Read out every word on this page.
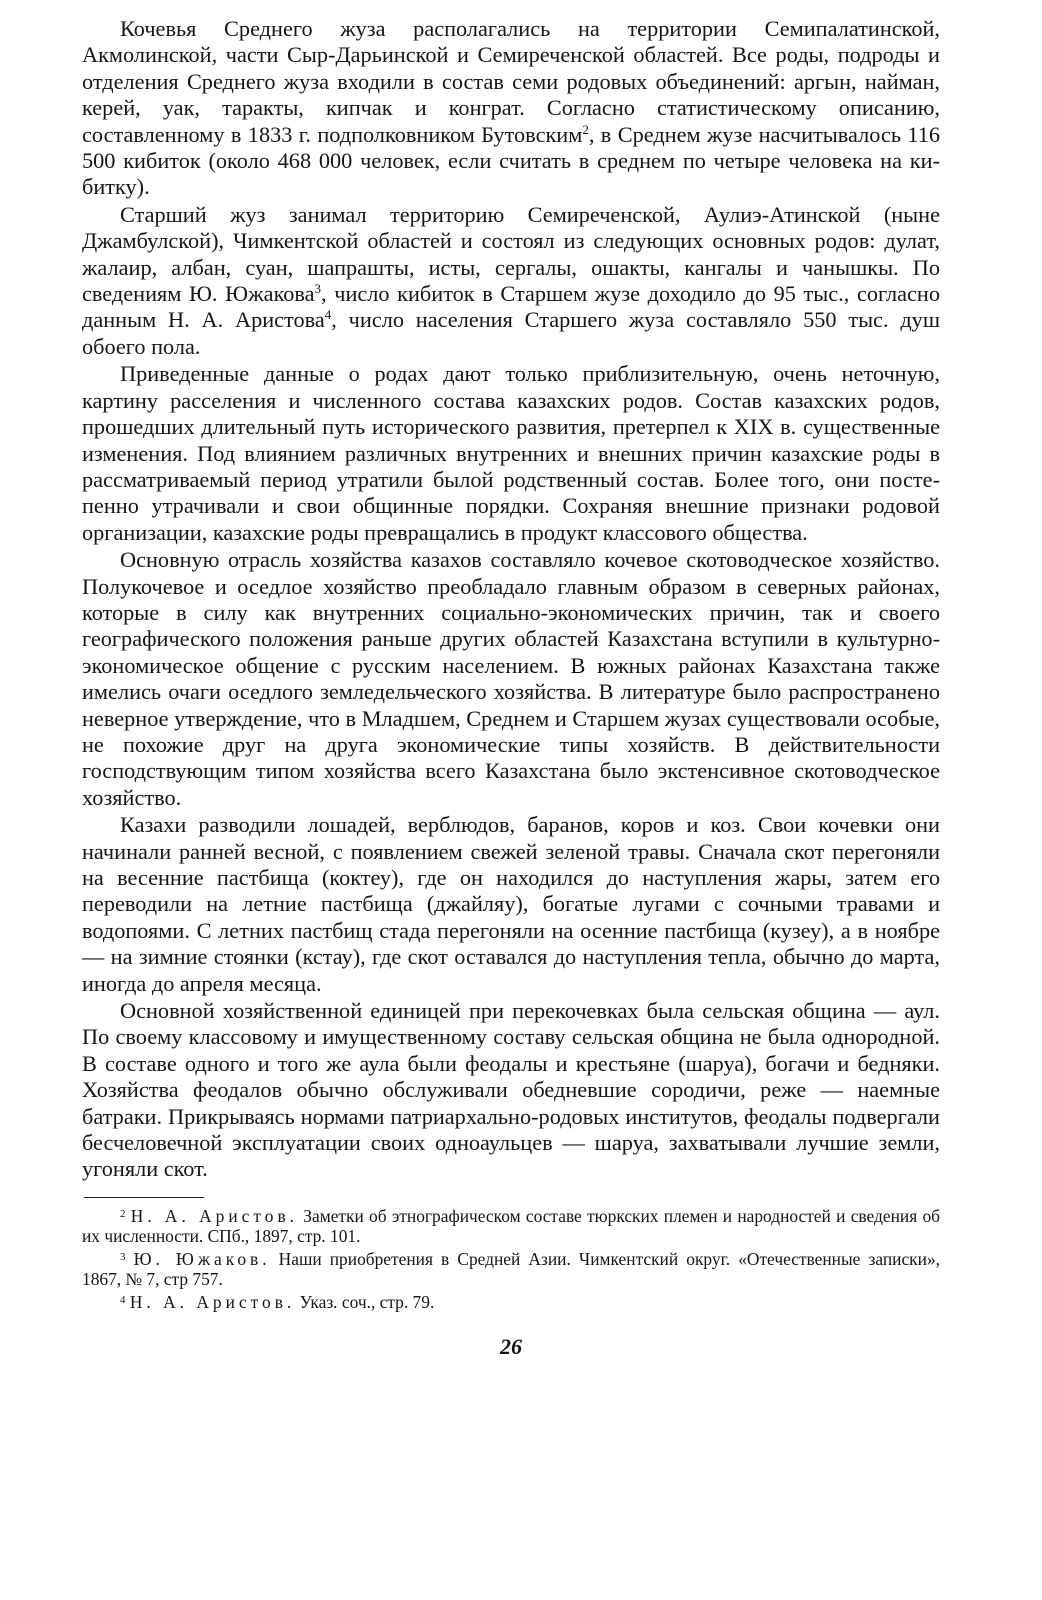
Кочевья Среднего жуза располагались на территории Семипалатинской, Акмолинской, части Сыр-Дарьинской и Семиреченской областей. Все роды, подроды и отделения Среднего жуза входили в состав семи родовых объединений: аргын, найман, керей, уак, таракты, кипчак и конграт. Согласно статистическому описанию, составленному в 1833 г. подполковником Бутовским$^2$, в Среднем жузе насчитывалось 116 500 кибиток (около 468 000 человек, если считать в среднем по четыре человека на кибитку).

Старший жуз занимал территорию Семиреченской, Аулиэ-Атинской (ныне Джамбулской), Чимкентской областей и состоял из следующих основных родов: дулат, жалаир, албан, суан, шапрашты, исты, сергалы, ошакты, кангалы и чанышкы. По сведениям Ю. Южакова$^3$, число кибиток в Старшем жузе доходило до 95 тыс., согласно данным Н. А. Аристова$^4$, число населения Старшего жуза составляло 550 тыс. душ обоего пола.

Приведенные данные о родах дают только приблизительную, очень неточную, картину расселения и численного состава казахских родов. Состав казахских родов, прошедших длительный путь исторического развития, претерпел к XIX в. существенные изменения. Под влиянием различных внутренних и внешних причин казахские роды в рассматриваемый период утратили былой родственный состав. Более того, они постепенно утрачивали и свои общинные порядки. Сохраняя внешние признаки родовой организации, казахские роды превращались в продукт классового общества.

Основную отрасль хозяйства казахов составляло кочевое скотоводческое хозяйство. Полукочевое и оседлое хозяйство преобладало главным образом в северных районах, которые в силу как внутренних социально-экономических причин, так и своего географического положения раньше других областей Казахстана вступили в культурно-экономическое общение с русским населением. В южных районах Казахстана также имелись очаги оседлого земледельческого хозяйства. В литературе было распространено неверное утверждение, что в Младшем, Среднем и Старшем жузах существовали особые, не похожие друг на друга экономические типы хозяйств. В действительности господствующим типом хозяйства всего Казахстана было экстенсивное скотоводческое хозяйство.

Казахи разводили лошадей, верблюдов, баранов, коров и коз. Свои кочевки они начинали ранней весной, с появлением свежей зеленой травы. Сначала скот перегоняли на весенние пастбища (коктеу), где он находился до наступления жары, затем его переводили на летние пастбища (джайляу), богатые лугами с сочными травами и водопоями. С летних пастбищ стада перегоняли на осенние пастбища (кузеу), а в ноябре — на зимние стоянки (кстау), где скот оставался до наступления тепла, обычно до марта, иногда до апреля месяца.

Основной хозяйственной единицей при перекочевках была сельская община — аул. По своему классовому и имущественному составу сельская община не была однородной. В составе одного и того же аула были феодалы и крестьяне (шаруа), богачи и бедняки. Хозяйства феодалов обычно обслуживали обедневшие сородичи, реже — наемные батраки. Прикрываясь нормами патриархально-родовых институтов, феодалы подвергали бесчеловечной эксплуатации своих одноаульцев — шаруа, захватывали лучшие земли, угоняли скот.

$^2$ Н. А. Аристов. Заметки об этнографическом составе тюркских племен и народностей и сведения об их численности. СПб., 1897, стр. 101.

$^3$ Ю. Южаков. Наши приобретения в Средней Азии. Чимкентский округ. «Отечественные записки», 1867, № 7, стр 757.

$^4$ Н. А. Аристов. Указ. соч., стр. 79.

26
